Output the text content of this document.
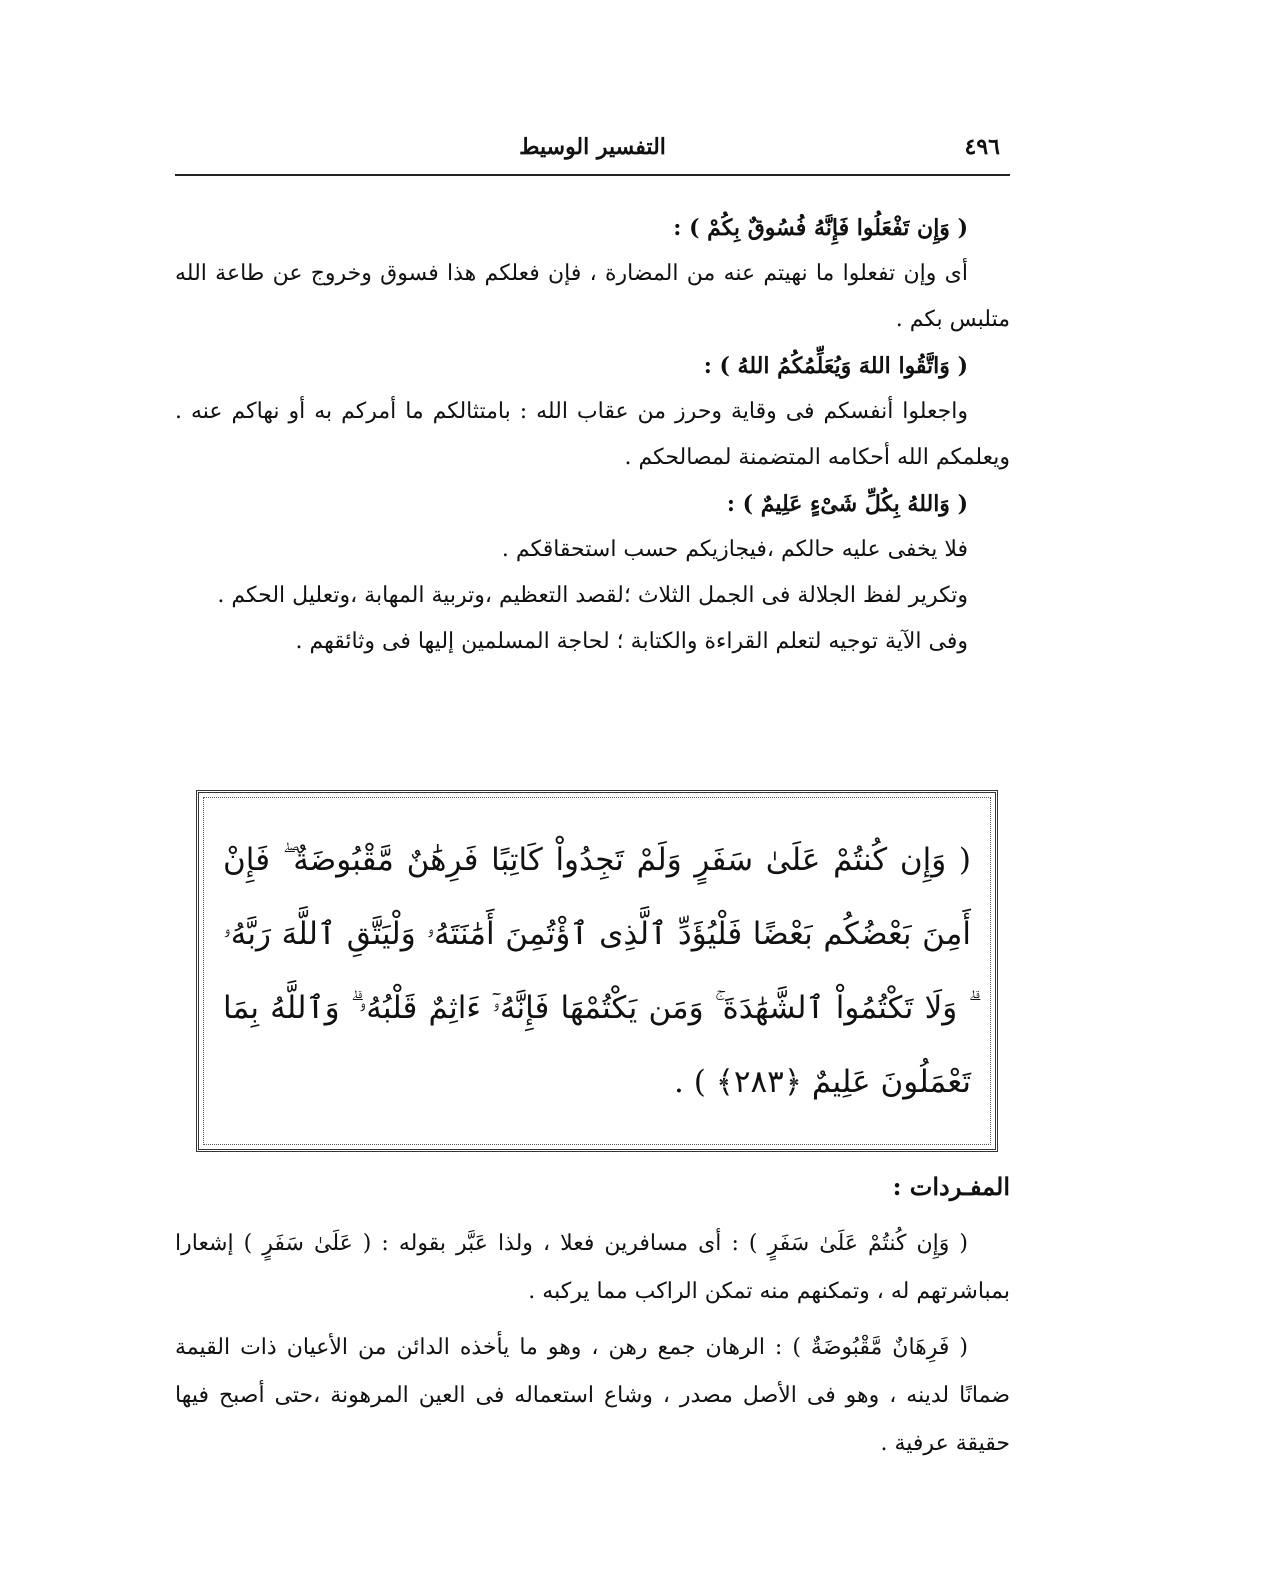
٤٩٦
التفسير الوسيط

( وَإِن تَفْعَلُوا فَإِنَّهُ فُسُوقٌ بِكُمْ ) :

أى وإن تفعلوا ما نهيتم عنه من المضارة ، فإن فعلكم هذا فسوق وخروج عن طاعة الله متلبس بكم .

( وَاتَّقُوا اللهَ وَيُعَلِّمُكُمُ اللهُ ) :

واجعلوا أنفسكم فى وقاية وحرز من عقاب الله : بامتثالكم ما أمركم به أو نهاكم عنه . ويعلمكم الله أحكامه المتضمنة لمصالحكم .

( وَاللهُ بِكُلِّ شَىْءٍ عَلِيمٌ ) :

فلا يخفى عليه حالكم ،فيجازيكم حسب استحقاقكم .

وتكرير لفظ الجلالة فى الجمل الثلاث ؛لقصد التعظيم ،وتربية المهابة ،وتعليل الحكم .

وفى الآية توجيه لتعلم القراءة والكتابة ؛ لحاجة المسلمين إليها فى وثائقهم .

( وَإِن كُنتُمْ عَلَىٰ سَفَرٍ وَلَمْ تَجِدُواْ كَاتِبًا فَرِهَٰنٌ مَّقْبُوضَةٌ ۖ فَإِنْ أَمِنَ بَعْضُكُم بَعْضًا فَلْيُؤَدِّ ٱلَّذِى ٱؤْتُمِنَ أَمَٰنَتَهُۥ وَلْيَتَّقِ ٱللَّهَ رَبَّهُۥ ۗ وَلَا تَكْتُمُواْ ٱلشَّهَٰدَةَ ۚ وَمَن يَكْتُمْهَا فَإِنَّهُۥٓ ءَاثِمٌ قَلْبُهُۥ ۗ وَٱللَّهُ بِمَا تَعْمَلُونَ عَلِيمٌ ﴿٢٨٣﴾ ) .
المفـردات :

( وَإِن كُنتُمْ عَلَىٰ سَفَرٍ ) : أى مسافرين فعلا ، ولذا عَبَّر بقوله : ( عَلَىٰ سَفَرٍ ) إشعارا بمباشرتهم له ، وتمكنهم منه تمكن الراكب مما يركبه .

( فَرِهَانٌ مَّقْبُوضَةٌ ) : الرهان جمع رهن ، وهو ما يأخذه الدائن من الأعيان ذات القيمة ضمانًا لدينه ، وهو فى الأصل مصدر ، وشاع استعماله فى العين المرهونة ،حتى أصبح فيها حقيقة عرفية .
